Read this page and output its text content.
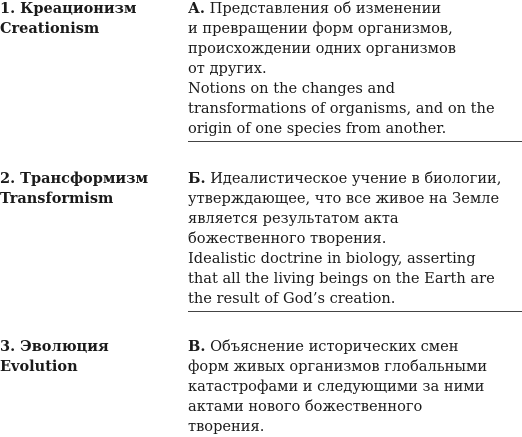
1. Креационизм
Creationism
А. Представления об изменении
и превращении форм организмов,
происхождении одних организмов
от других.
Notions on the changes and
transformations of organisms, and on the
origin of one species from another.
2. Трансформизм
Transformism
Б. Идеалистическое учение в биологии,
утверждающее, что все живое на Земле
является результатом акта
божественного творения.
Idealistic doctrine in biology, asserting
that all the living beings on the Earth are
the result of God’s creation.
3. Эволюция
Evolution
В. Объяснение исторических смен
форм живых организмов глобальными
катастрофами и следующими за ними
актами нового божественного
творения.
